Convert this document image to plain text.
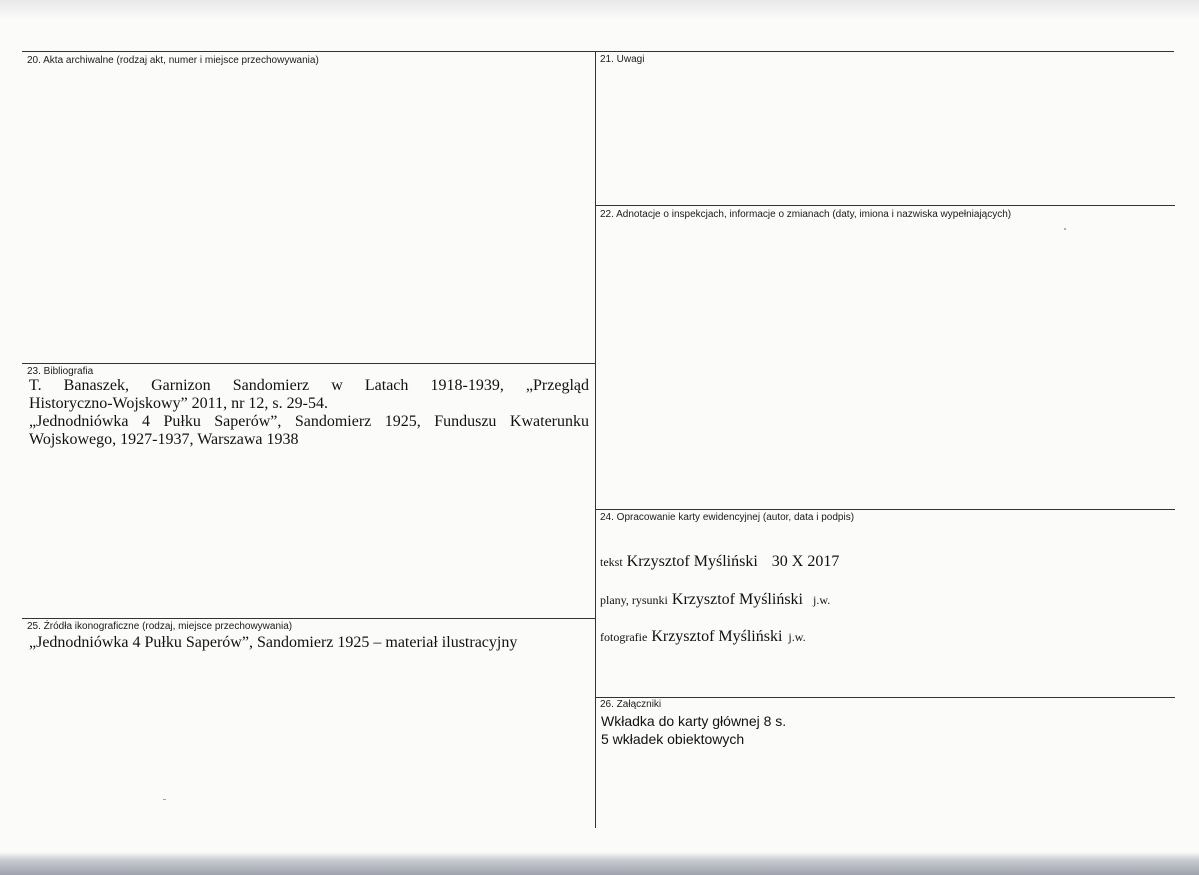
20. Akta archiwalne (rodzaj akt, numer i miejsce przechowywania)	21. Uwagi
22. Adnotacje o inspekcjach, informacje o zmianach (daty, imiona i nazwiska wypełniających)
23. Bibliografia

T. Banaszek, Garnizon Sandomierz w Latach 1918-1939, „Przegląd

Historyczno-Wojskowy” 2011, nr 12, s. 29-54.

„Jednodniówka 4 Pułku Saperów”, Sandomierz 1925, Funduszu Kwaterunku

Wojskowego, 1927-1937, Warszawa 1938

24. Opracowanie karty ewidencyjnej (autor, data i podpis)
tekst Krzysztof Myśliński 30 X 2017
plany, rysunki Krzysztof Myśliński j.w.
fotografie Krzysztof Myśliński j.w.
25. Źródła ikonograficzne (rodzaj, miejsce przechowywania)
„Jednodniówka 4 Pułku Saperów”, Sandomierz 1925 – materiał ilustracyjny
26. Załączniki
Wkładka do karty głównej 8 s.
5 wkładek obiektowych
